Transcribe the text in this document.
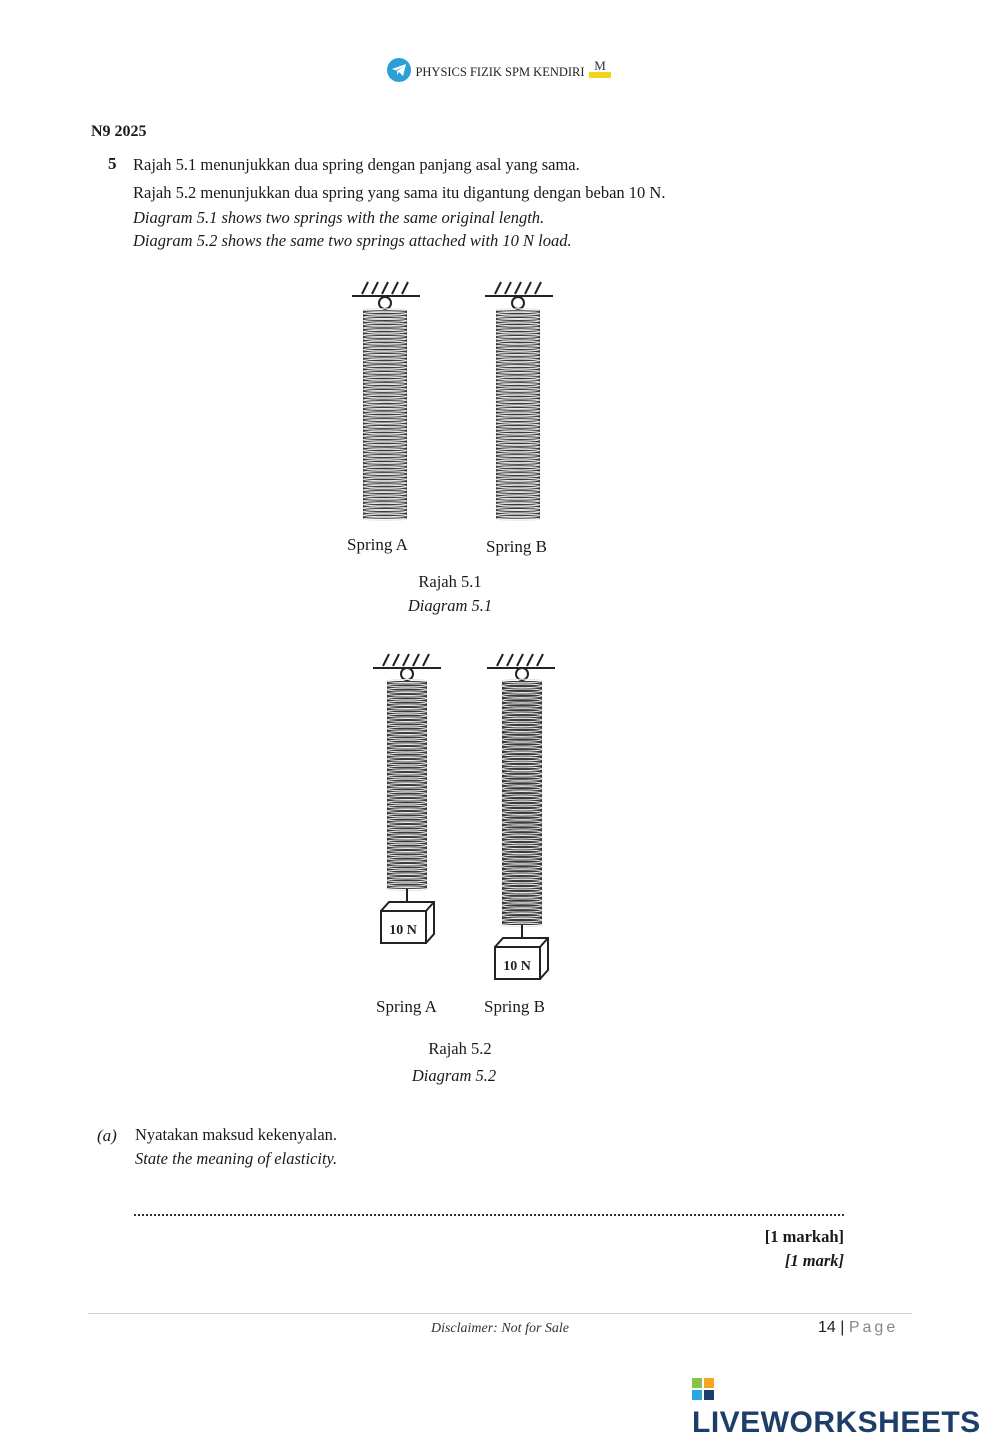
PHYSICS FIZIK SPM KENDIRI M
N9 2025
5 Rajah 5.1 menunjukkan dua spring dengan panjang asal yang sama.
Rajah 5.2 menunjukkan dua spring yang sama itu digantung dengan beban 10 N.
Diagram 5.1 shows two springs with the same original length.
Diagram 5.2 shows the same two springs attached with 10 N load.
Spring A	Spring B
Rajah 5.1
Diagram 5.1
10 N
10 N
Spring A	Spring B
Rajah 5.2
Diagram 5.2
(a) Nyatakan maksud kekenyalan.
State the meaning of elasticity.
[1 markah]
[1 mark]
Disclaimer: Not for Sale	14 | Page
LIVEWORKSHEETS
